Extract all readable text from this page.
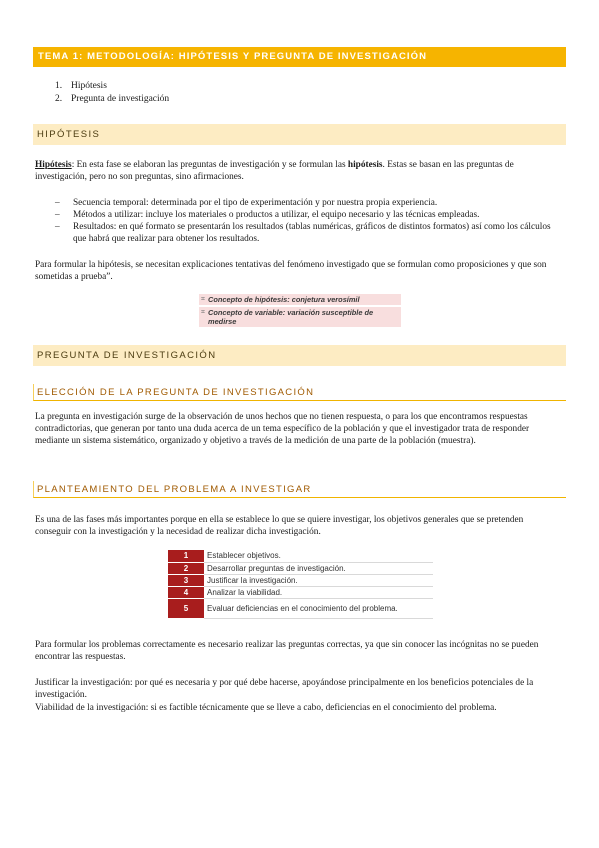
TEMA 1: METODOLOGÍA: HIPÓTESIS Y PREGUNTA DE INVESTIGACIÓN
1. Hipótesis
2. Pregunta de investigación
HIPÓTESIS
Hipótesis: En esta fase se elaboran las preguntas de investigación y se formulan las hipótesis. Estas se basan en las preguntas de investigación, pero no son preguntas, sino afirmaciones.
– Secuencia temporal: determinada por el tipo de experimentación y por nuestra propia experiencia.
– Métodos a utilizar: incluye los materiales o productos a utilizar, el equipo necesario y las técnicas empleadas.
– Resultados: en qué formato se presentarán los resultados (tablas numéricas, gráficos de distintos formatos) así como los cálculos que habrá que realizar para obtener los resultados.
Para formular la hipótesis, se necesitan explicaciones tentativas del fenómeno investigado que se formulan como proposiciones y que son sometidas a prueba”.
⌗ Concepto de hipótesis: conjetura verosímil
⌗ Concepto de variable: variación susceptible de medirse
PREGUNTA DE INVESTIGACIÓN
ELECCIÓN DE LA PREGUNTA DE INVESTIGACIÓN
La pregunta en investigación surge de la observación de unos hechos que no tienen respuesta, o para los que encontramos respuestas contradictorias, que generan por tanto una duda acerca de un tema específico de la población y que el investigador trata de responder mediante un sistema sistemático, organizado y objetivo a través de la medición de una parte de la población (muestra).
PLANTEAMIENTO DEL PROBLEMA A INVESTIGAR
Es una de las fases más importantes porque en ella se establece lo que se quiere investigar, los objetivos generales que se pretenden conseguir con la investigación y la necesidad de realizar dicha investigación.
1	Establecer objetivos.
2	Desarrollar preguntas de investigación.
3	Justificar la investigación.
4	Analizar la viabilidad.
5	Evaluar deficiencias en el conocimiento del problema.
Para formular los problemas correctamente es necesario realizar las preguntas correctas, ya que sin conocer las incógnitas no se pueden encontrar las respuestas.
Justificar la investigación: por qué es necesaria y por qué debe hacerse, apoyándose principalmente en los beneficios potenciales de la investigación.
Viabilidad de la investigación: si es factible técnicamente que se lleve a cabo, deficiencias en el conocimiento del problema.
